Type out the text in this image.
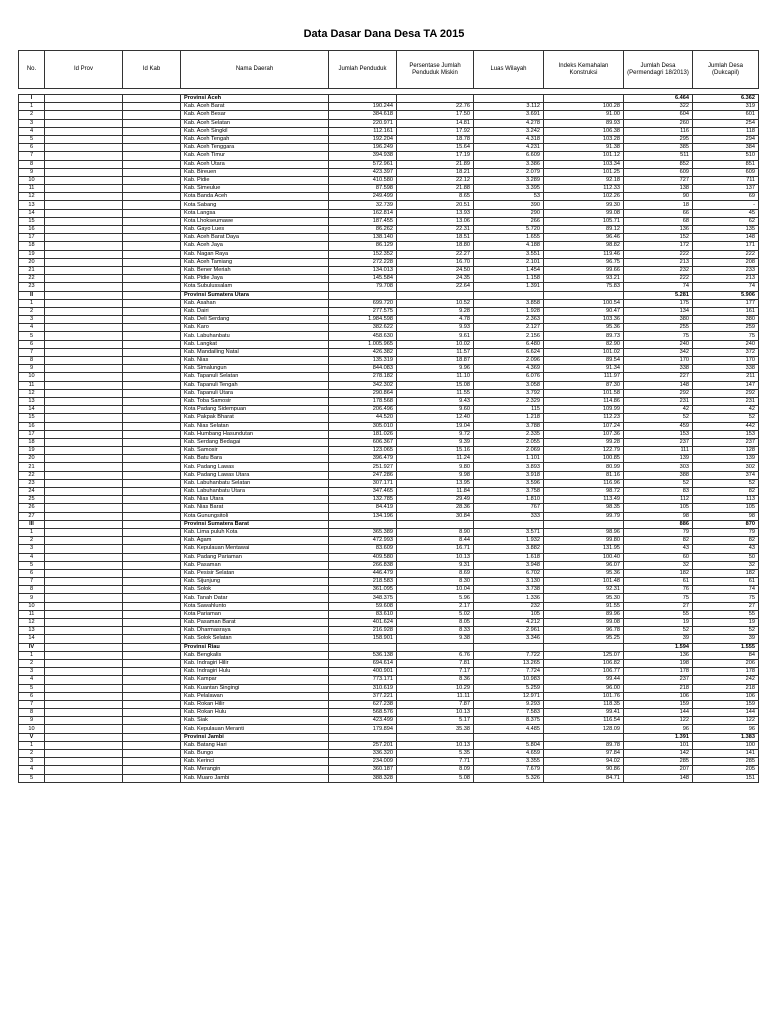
Data Dasar Dana Desa TA 2015
No.	Id Prov	Id Kab	Nama Daerah	Jumlah Penduduk	Persentase Jumlah Penduduk Miskin	Luas Wilayah	Indeks Kemahalan Konstruksi	Jumlah Desa (Permendagri 18/2013)	Jumlah Desa (Dukcapil)

I			Provinsi Aceh					6.464	6.362
1			Kab. Aceh Barat	190.244	22.76	3.112	100.28	322	319
2			Kab. Aceh Besar	384.618	17.50	3.691	91.00	604	601
3			Kab. Aceh Selatan	220.971	14.81	4.278	89.93	260	254
4			Kab. Aceh Singkil	112.161	17.92	3.242	106.38	116	118
5			Kab. Aceh Tengah	192.204	18.78	4.318	103.28	295	294
6			Kab. Aceh Tenggara	196.249	15.64	4.231	91.38	385	384
7			Kab. Aceh Timur	394.938	17.19	6.609	101.12	511	510
8			Kab. Aceh Utara	572.961	21.89	3.386	103.34	852	851
9			Kab. Bireuen	423.397	18.21	2.079	101.25	609	609
10			Kab. Pidie	410.580	22.12	3.289	92.18	727	711
11			Kab. Simeulue	87.598	21.88	3.395	112.33	138	137
12			Kota Banda Aceh	249.499	8.65	53	102.26	90	69
13			Kota Sabang	32.739	20.51	390	99.30	18	-
14			Kota Langsa	162.814	13.93	290	99.08	66	45
15			Kota Lhokseumawe	187.455	13.06	266	105.71	68	62
16			Kab. Gayo Lues	86.262	22.31	5.720	89.12	136	135
17			Kab. Aceh Barat Daya	138.140	18.51	1.655	96.46	152	148
18			Kab. Aceh Jaya	86.129	18.80	4.188	98.82	172	171
19			Kab. Nagan Raya	152.352	22.27	3.551	119.46	222	222
20			Kab. Aceh Tamiang	272.228	16.70	2.101	96.75	213	208
21			Kab. Bener Meriah	134.013	24.50	1.454	99.66	232	233
22			Kab. Pidie Jaya	145.584	24.35	1.158	93.21	222	213
23			Kota Subulussalam	79.708	22.64	1.391	75.83	74	74
II			Provinsi Sumatera Utara					5.281	5.906
1			Kab. Asahan	699.720	10.52	3.858	100.54	175	177
2			Kab. Dairi	277.575	9.28	1.928	90.47	134	161
3			Kab. Deli Serdang	1.984.598	4.78	2.363	103.36	380	380
4			Kab. Karo	382.622	9.93	2.127	95.36	255	259
5			Kab. Labuhanbatu	458.630	9.61	2.156	89.73	75	75
6			Kab. Langkat	1.005.965	10.02	6.480	82.90	240	240
7			Kab. Mandailing Natal	426.382	11.57	6.624	101.02	342	372
8			Kab. Nias	135.319	18.87	2.096	89.54	170	170
9			Kab. Simalungun	844.083	9.96	4.369	91.34	338	338
10			Kab. Tapanuli Selatan	278.182	11.10	6.076	111.97	227	211
11			Kab. Tapanuli Tengah	342.302	15.08	3.058	87.30	148	147
12			Kab. Tapanuli Utara	290.864	11.55	3.792	101.58	292	292
13			Kab. Toba Samosir	178.568	9.43	2.329	114.86	231	231
14			Kota Padang Sidempuan	206.496	9.60	115	109.99	42	42
15			Kab. Pakpak Bharat	44.520	12.40	1.218	112.23	52	52
16			Kab. Nias Selatan	305.010	19.04	3.788	107.24	459	442
17			Kab. Humbang Hasundutan	181.026	9.72	2.335	107.36	153	153
18			Kab. Serdang Bedagai	606.367	9.39	2.055	99.28	237	237
19			Kab. Samosir	123.065	15.16	2.069	122.79	111	128
20			Kab. Batu Bara	396.479	11.24	1.101	100.85	139	139
21			Kab. Padang Lawas	251.927	9.80	3.893	80.99	303	302
22			Kab. Padang Lawas Utara	247.286	9.98	3.918	81.16	388	374
23			Kab. Labuhanbatu Selatan	307.171	13.95	3.596	116.96	52	52
24			Kab. Labuhanbatu Utara	347.465	11.84	3.758	98.72	83	82
25			Kab. Nias Utara	132.785	29.49	1.810	113.49	112	113
26			Kab. Nias Barat	84.419	28.36	767	98.35	105	105
27			Kota Gunungsitoli	134.196	30.84	333	99.79	98	98
III			Provinsi Sumatera Barat					886	870
1			Kab. Lima puluh Kota	365.389	8.90	3.571	98.96	79	79
2			Kab. Agam	472.993	8.44	1.932	99.80	82	82
3			Kab. Kepulauan Mentawai	83.609	16.71	3.882	131.95	43	43
4			Kab. Padang Pariaman	409.580	10.13	1.618	100.40	60	50
5			Kab. Pasaman	266.838	9.31	3.948	96.07	32	32
6			Kab. Pesisir Selatan	446.479	8.69	6.702	95.36	182	182
7			Kab. Sijunjung	218.583	8.30	3.130	101.48	61	61
8			Kab. Solok	361.095	10.04	3.738	92.31	76	74
9			Kab. Tanah Datar	348.375	5.96	1.336	95.30	75	75
10			Kota Sawahlunto	59.608	2.17	232	91.55	27	27
11			Kota Pariaman	83.610	5.02	105	89.96	55	55
12			Kab. Pasaman Barat	401.624	8.05	4.212	99.08	19	19
13			Kab. Dharmasraya	216.928	8.33	2.961	96.78	52	52
14			Kab. Solok Selatan	158.901	9.38	3.346	95.25	39	39
IV			Provinsi Riau					1.594	1.555
1			Kab. Bengkalis	536.138	6.76	7.722	125.07	136	84
2			Kab. Indragiri Hilir	694.614	7.81	13.265	106.82	198	206
3			Kab. Indragiri Hulu	400.901	7.17	7.724	106.77	178	178
4			Kab. Kampar	773.171	8.36	10.983	99.44	237	242
5			Kab. Kuantan Singingi	310.619	10.29	5.259	96.00	218	218
6			Kab. Pelalawan	377.221	11.11	12.971	101.76	106	106
7			Kab. Rokan Hilir	627.238	7.87	9.293	118.35	159	159
8			Kab. Rokan Hulu	568.576	10.13	7.583	99.41	144	144
9			Kab. Siak	423.499	5.17	8.375	116.54	122	122
10			Kab. Kepulauan Meranti	179.894	35.38	4.485	128.09	96	96
V			Provinsi Jambi					1.391	1.383
1			Kab. Batang Hari	257.201	10.13	5.804	89.78	101	100
2			Kab. Bungo	336.320	5.35	4.659	97.84	142	141
3			Kab. Kerinci	234.009	7.71	3.355	94.02	285	285
4			Kab. Merangin	360.187	8.09	7.679	90.86	207	205
5			Kab. Muaro Jambi	388.328	5.08	5.326	84.71	148	151
